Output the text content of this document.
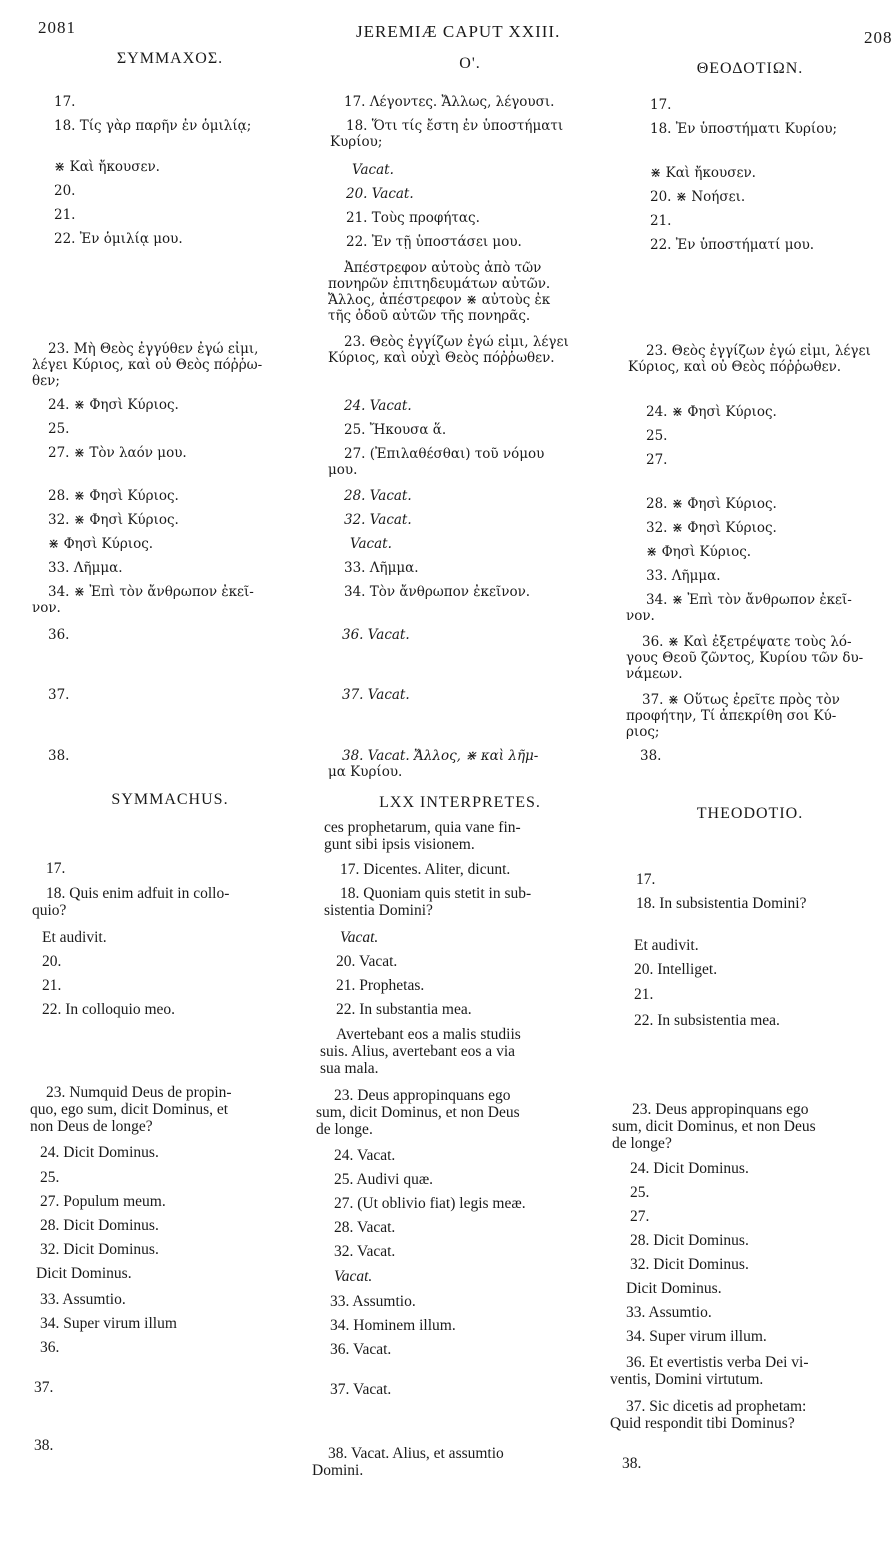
2081	JEREMIÆ CAPUT XXIII.	208
ΣΥΜΜΑΧΟΣ.	Ο'.	ΘΕΟΔΟΤΙΩΝ.
SYMMACHUS.	LXX INTERPRETES.
THEODOTIO.
17.
18. Τίς γὰρ παρῆν ἐν ὁμιλίᾳ;
⋇ Καὶ ἤκουσεν.
20.
21.
22. Ἐν ὁμιλίᾳ μου.
23. Μὴ Θεὸς ἐγγύθεν ἐγώ εἰμι,
λέγει Κύριος, καὶ οὐ Θεὸς πόῤῥω-
θεν;
24. ⋇ Φησὶ Κύριος.
25.
27. ⋇ Τὸν λαόν μου.
28. ⋇ Φησὶ Κύριος.
32. ⋇ Φησὶ Κύριος.
⋇ Φησὶ Κύριος.
33. Λῆμμα.
34. ⋇ Ἐπὶ τὸν ἄνθρωπον ἐκεῖ-
νον.
36.
37.
38.
17. Λέγοντες. Ἄλλως, λέγουσι.
18. Ὅτι τίς ἔστη ἐν ὑποστήματι
Κυρίου;
Vacat.
20. Vacat.
21. Τοὺς προφήτας.
22. Ἐν τῇ ὑποστάσει μου.
Ἀπέστρεφον αὐτοὺς ἀπὸ τῶν
πονηρῶν ἐπιτηδευμάτων αὐτῶν.
Ἄλλος, ἀπέστρεφον ⋇ αὐτοὺς ἐκ
τῆς ὁδοῦ αὐτῶν τῆς πονηρᾶς.
23. Θεὸς ἐγγίζων ἐγώ εἰμι, λέγει
Κύριος, καὶ οὐχὶ Θεὸς πόῤῥωθεν.
24. Vacat.
25. Ἤκουσα ἅ.
27. (Ἐπιλαθέσθαι) τοῦ νόμου
μου.
28. Vacat.
32. Vacat.
Vacat.
33. Λῆμμα.
34. Τὸν ἄνθρωπον ἐκεῖνον.
36. Vacat.
37. Vacat.
38. Vacat. Ἄλλος, ⋇ καὶ λῆμ-
μα Κυρίου.
17.
18. Ἐν ὑποστήματι Κυρίου;
⋇ Καὶ ἤκουσεν.
20. ⋇ Νοήσει.
21.
22. Ἐν ὑποστήματί μου.
23. Θεὸς ἐγγίζων ἐγώ εἰμι, λέγει
Κύριος, καὶ οὐ Θεὸς πόῤῥωθεν.
24. ⋇ Φησὶ Κύριος.
25.
27.
28. ⋇ Φησὶ Κύριος.
32. ⋇ Φησὶ Κύριος.
⋇ Φησὶ Κύριος.
33. Λῆμμα.
34. ⋇ Ἐπὶ τὸν ἄνθρωπον ἐκεῖ-
νον.
36. ⋇ Καὶ ἐξετρέψατε τοὺς λό-
γους Θεοῦ ζῶντος, Κυρίου τῶν δυ-
νάμεων.
37. ⋇ Οὕτως ἐρεῖτε πρὸς τὸν
προφήτην, Τί ἀπεκρίθη σοι Κύ-
ριος;
38.
17.
18. Quis enim adfuit in collo-
quio?
Et audivit.
20.
21.
22. In colloquio meo.
23. Numquid Deus de propin-
quo, ego sum, dicit Dominus, et
non Deus de longe?
24. Dicit Dominus.
25.
27. Populum meum.
28. Dicit Dominus.
32. Dicit Dominus.
Dicit Dominus.
33. Assumtio.
34. Super virum illum
36.
37.
38.
ces prophetarum, quia vane fin-
gunt sibi ipsis visionem.
17. Dicentes. Aliter, dicunt.
18. Quoniam quis stetit in sub-
sistentia Domini?
Vacat.
20. Vacat.
21. Prophetas.
22. In substantia mea.
Avertebant eos a malis studiis
suis. Alius, avertebant eos a via
sua mala.
23. Deus appropinquans ego
sum, dicit Dominus, et non Deus
de longe.
24. Vacat.
25. Audivi quæ.
27. (Ut oblivio fiat) legis meæ.
28. Vacat.
32. Vacat.
Vacat.
33. Assumtio.
34. Hominem illum.
36. Vacat.
37. Vacat.
38. Vacat. Alius, et assumtio
Domini.
17.
18. In subsistentia Domini?
Et audivit.
20. Intelliget.
21.
22. In subsistentia mea.
23. Deus appropinquans ego
sum, dicit Dominus, et non Deus
de longe?
24. Dicit Dominus.
25.
27.
28. Dicit Dominus.
32. Dicit Dominus.
Dicit Dominus.
33. Assumtio.
34. Super virum illum.
36. Et evertistis verba Dei vi-
ventis, Domini virtutum.
37. Sic dicetis ad prophetam:
Quid respondit tibi Dominus?
38.
